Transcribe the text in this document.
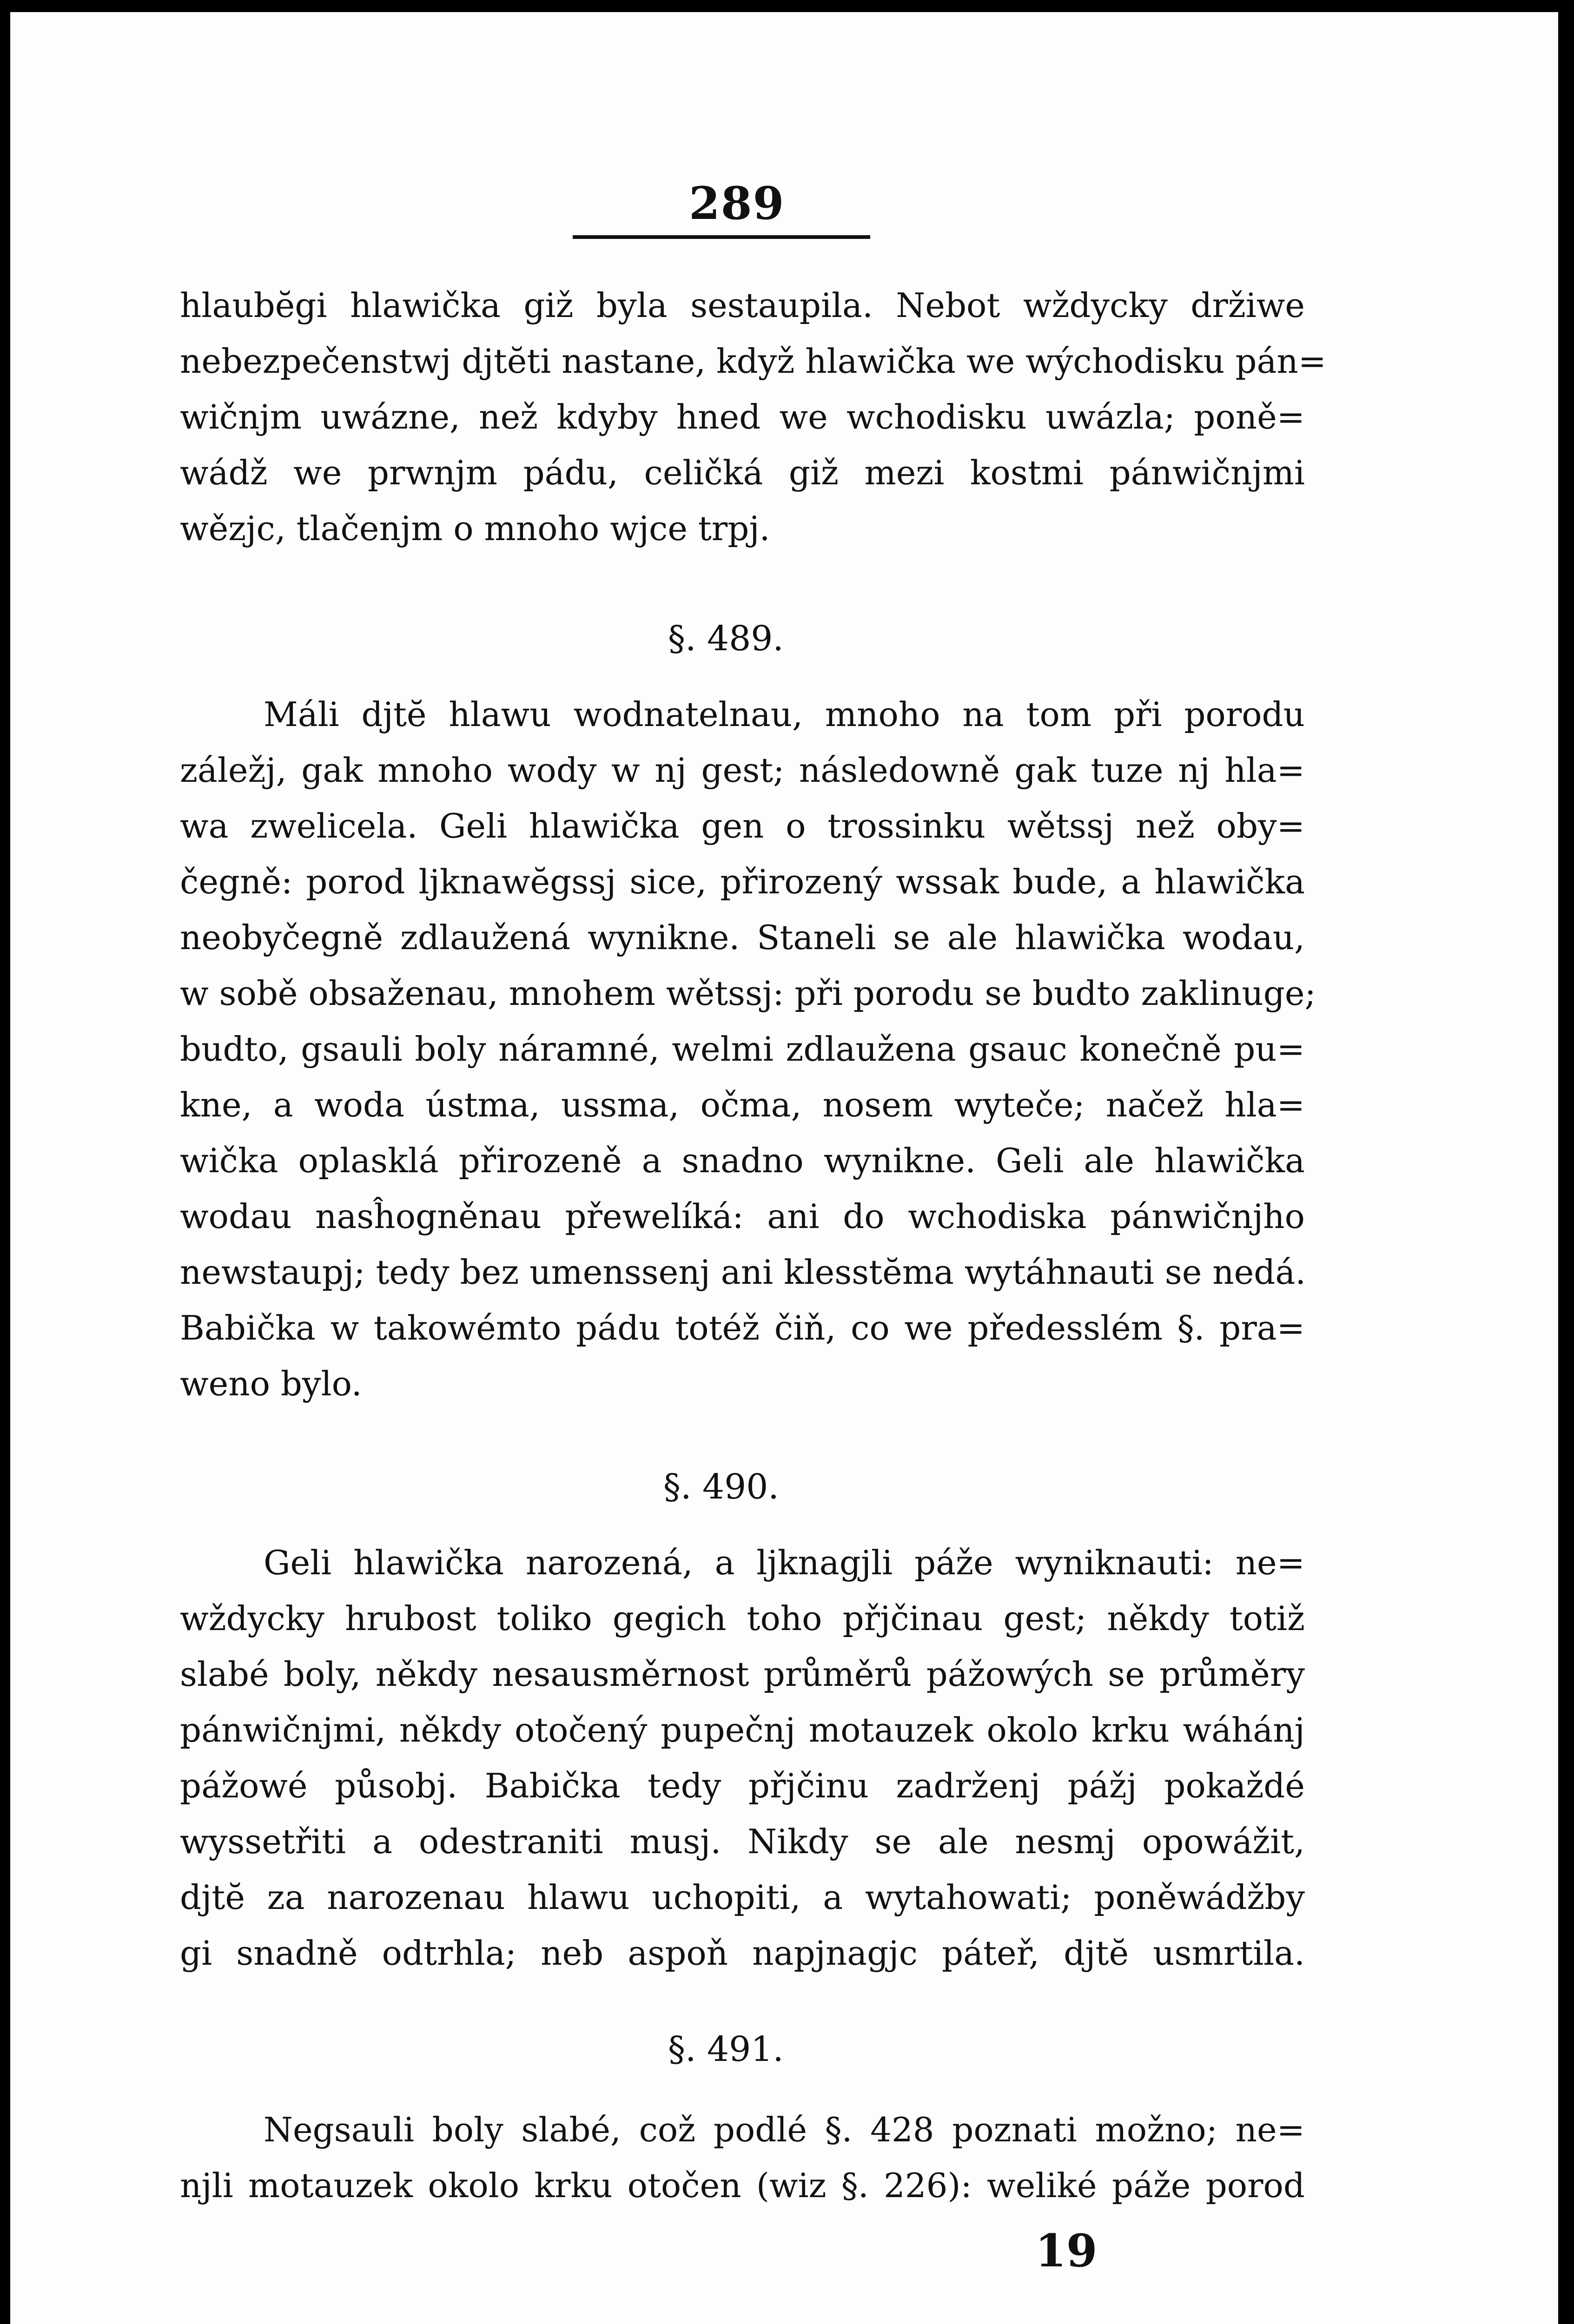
289
hlaubĕgi hlawička giž byla sestaupila. Nebot wždycky držiwe
nebezpečenstwj djtĕti nastane, když hlawička we wýchodisku pán=
wičnjm uwázne, než kdyby hned we wchodisku uwázla; poně=
wádž we prwnjm pádu, celičká giž mezi kostmi pánwičnjmi
wězjc, tlačenjm o mnoho wjce trpj.
§. 489.
Máli djtĕ hlawu wodnatelnau, mnoho na tom při porodu
záležj, gak mnoho wody w nj gest; následowně gak tuze nj hla=
wa zwelicela. Geli hlawička gen o trossinku wětssj než oby=
čegně: porod ljknawĕgssj sice, přirozený wssak bude, a hlawička
neobyčegně zdlaužená wynikne. Staneli se ale hlawička wodau,
w sobě obsaženau, mnohem wětssj: při porodu se budto zaklinuge;
budto, gsauli boly náramné, welmi zdlaužena gsauc konečně pu=
kne, a woda ústma, ussma, očma, nosem wyteče; načež hla=
wička oplasklá přirozeně a snadno wynikne. Geli ale hlawička
wodau nasĥogněnau přewelíká: ani do wchodiska pánwičnjho
newstaupj; tedy bez umenssenj ani klesstĕma wytáhnauti se nedá.
Babička w takowémto pádu totéž čiň, co we předesslém §. pra=
weno bylo.
§. 490.
Geli hlawička narozená, a ljknagjli páže wyniknauti: ne=
wždycky hrubost toliko gegich toho přjčinau gest; někdy totiž
slabé boly, někdy nesausměrnost průměrů pážowých se průměry
pánwičnjmi, někdy otočený pupečnj motauzek okolo krku wáhánj
pážowé působj. Babička tedy přjčinu zadrženj pážj pokaždé
wyssetřiti a odestraniti musj. Nikdy se ale nesmj opowážit,
djtĕ za narozenau hlawu uchopiti, a wytahowati; poněwádžby
gi snadně odtrhla; neb aspoň napjnagjc páteř, djtĕ usmrtila.
§. 491.
Negsauli boly slabé, což podlé §. 428 poznati možno; ne=
njli motauzek okolo krku otočen (wiz §. 226): weliké páže porod
19
